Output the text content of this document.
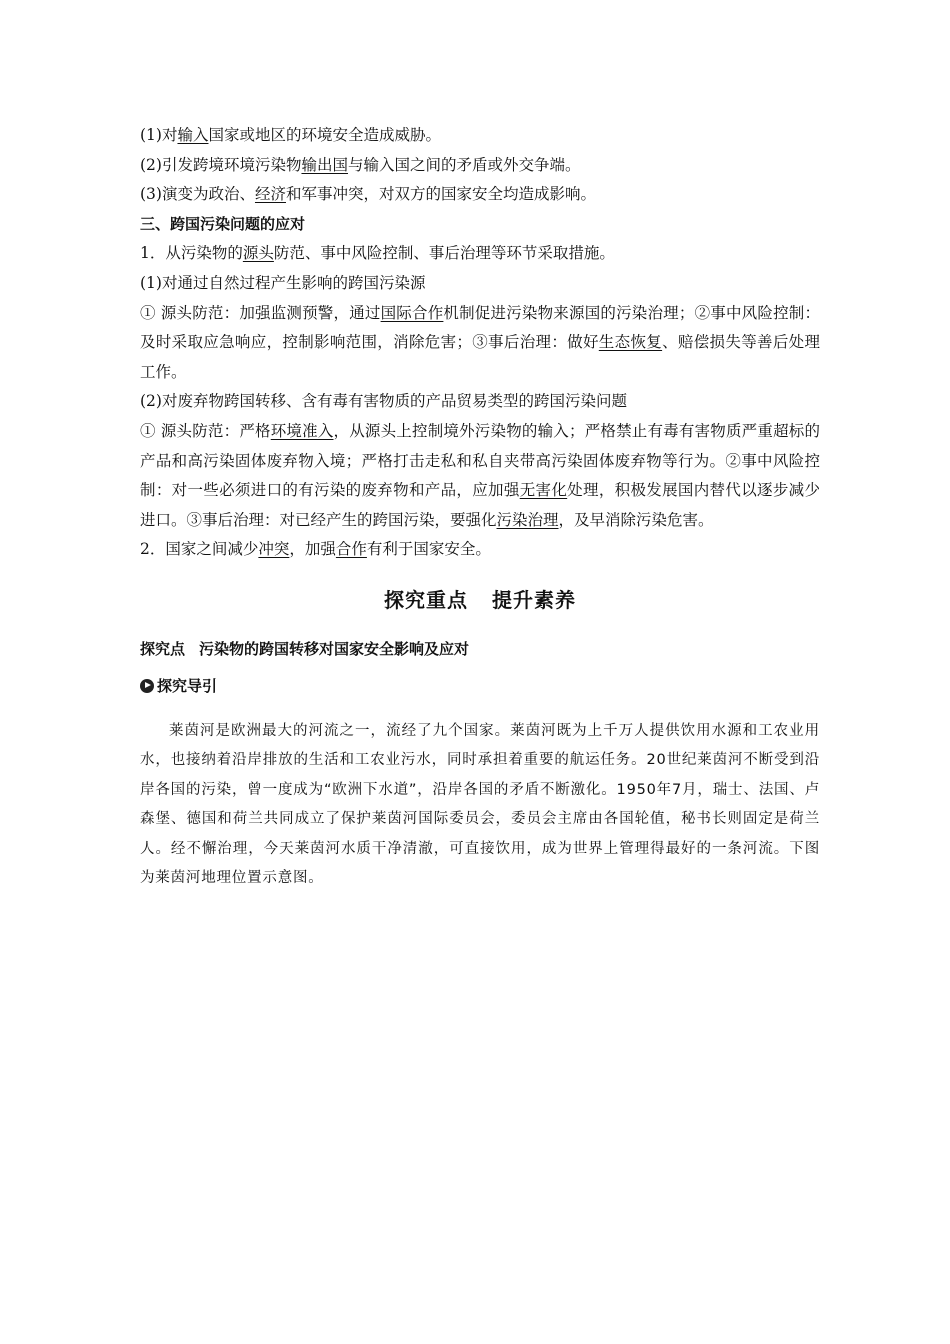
(1)对输入国家或地区的环境安全造成威胁。
(2)引发跨境环境污染物输出国与输入国之间的矛盾或外交争端。
(3)演变为政治、经济和军事冲突，对双方的国家安全均造成影响。
三、跨国污染问题的应对
1．从污染物的源头防范、事中风险控制、事后治理等环节采取措施。
(1)对通过自然过程产生影响的跨国污染源
① 源头防范：加强监测预警，通过国际合作机制促进污染物来源国的污染治理；②事中风险控制：及时采取应急响应，控制影响范围，消除危害；③事后治理：做好生态恢复、赔偿损失等善后处理工作。
(2)对废弃物跨国转移、含有毒有害物质的产品贸易类型的跨国污染问题
① 源头防范：严格环境准入，从源头上控制境外污染物的输入；严格禁止有毒有害物质严重超标的产品和高污染固体废弃物入境；严格打击走私和私自夹带高污染固体废弃物等行为。②事中风险控制：对一些必须进口的有污染的废弃物和产品，应加强无害化处理，积极发展国内替代以逐步减少进口。③事后治理：对已经产生的跨国污染，要强化污染治理，及早消除污染危害。
2．国家之间减少冲突，加强合作有利于国家安全。
探究重点 提升素养
探究点 污染物的跨国转移对国家安全影响及应对
探究导引
莱茵河是欧洲最大的河流之一，流经了九个国家。莱茵河既为上千万人提供饮用水源和工农业用水，也接纳着沿岸排放的生活和工农业污水，同时承担着重要的航运任务。20世纪莱茵河不断受到沿岸各国的污染，曾一度成为“欧洲下水道”，沿岸各国的矛盾不断激化。1950年7月，瑞士、法国、卢森堡、德国和荷兰共同成立了保护莱茵河国际委员会，委员会主席由各国轮值，秘书长则固定是荷兰人。经不懈治理，今天莱茵河水质干净清澈，可直接饮用，成为世界上管理得最好的一条河流。下图为莱茵河地理位置示意图。
